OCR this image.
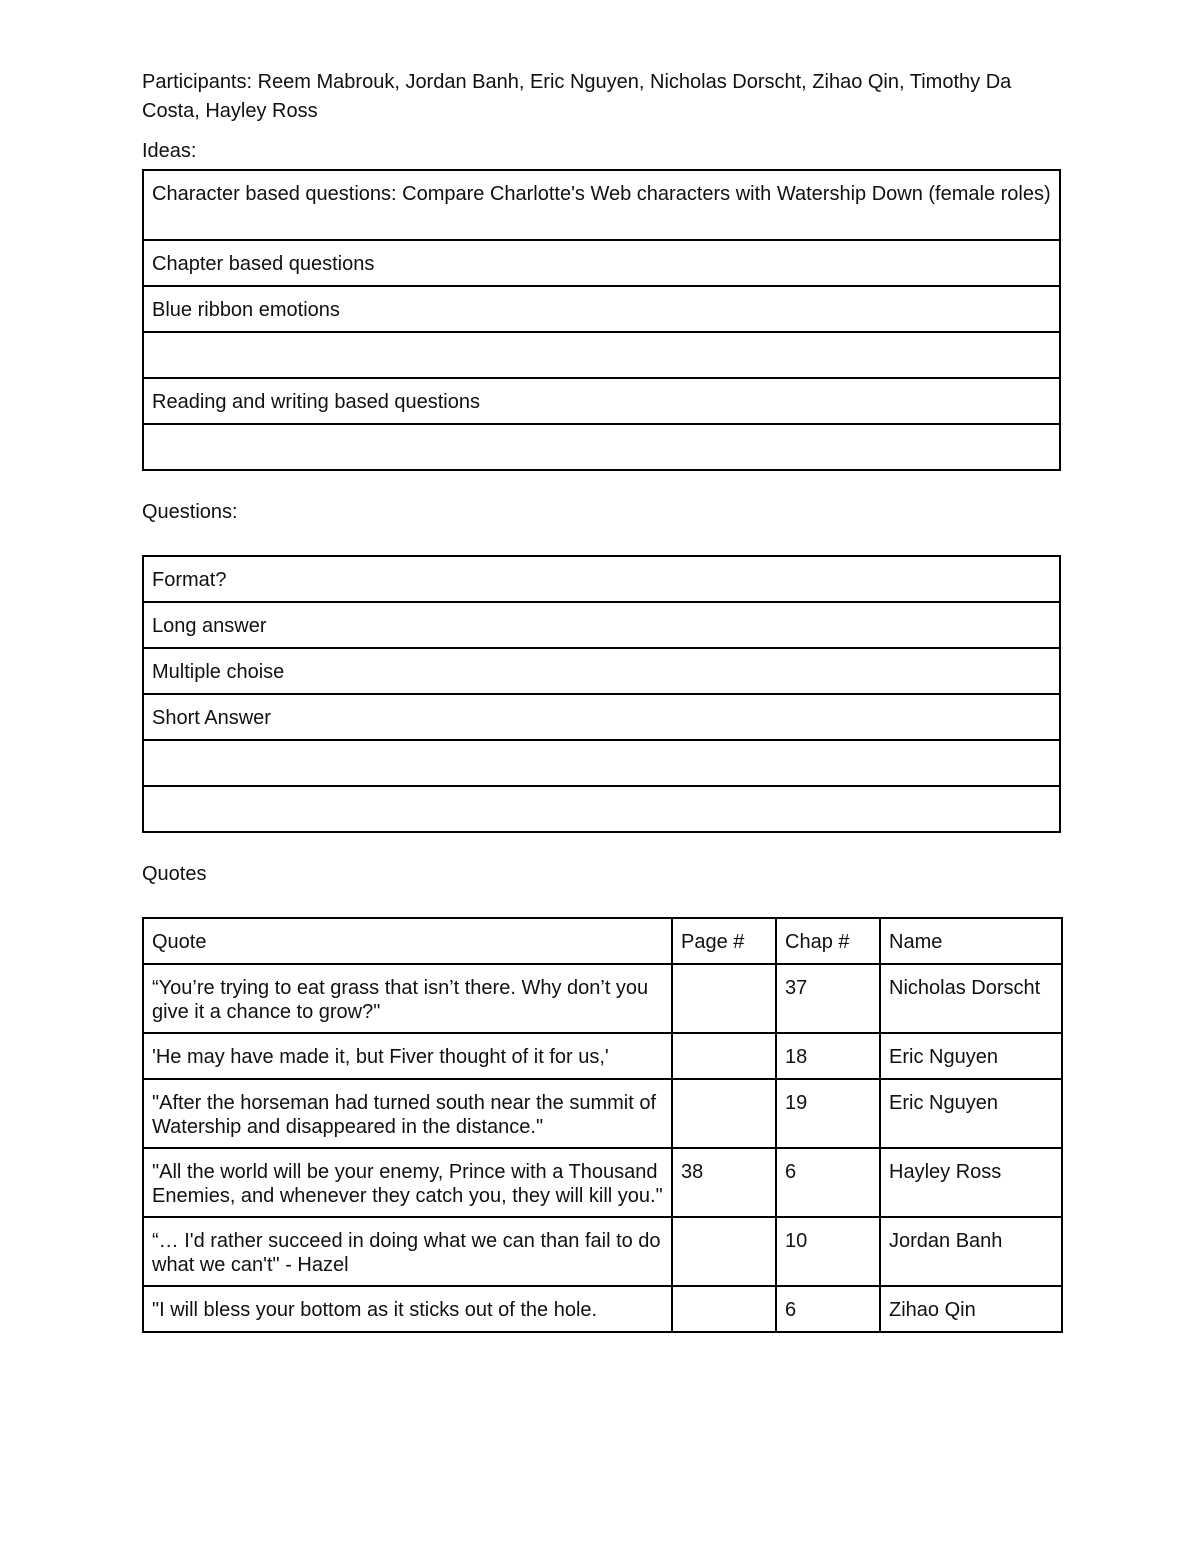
Participants: Reem Mabrouk, Jordan Banh, Eric Nguyen, Nicholas Dorscht, Zihao Qin, Timothy Da Costa, Hayley Ross

Ideas:

Character based questions: Compare Charlotte's Web characters with Watership Down (female roles)
Chapter based questions
Blue ribbon emotions

Reading and writing based questions

Questions:

Format?
Long answer
Multiple choise
Short Answer

Quotes

Quote	Page #	Chap #	Name
“You’re trying to eat grass that isn’t there. Why don’t you give it a chance to grow?"		37	Nicholas Dorscht
'He may have made it, but Fiver thought of it for us,'		18	Eric Nguyen
"After the horseman had turned south near the summit of Watership and disappeared in the distance."		19	Eric Nguyen
"All the world will be your enemy, Prince with a Thousand Enemies, and whenever they catch you, they will kill you."	38	6	Hayley Ross
“… I'd rather succeed in doing what we can than fail to do what we can't" - Hazel		10	Jordan Banh
"I will bless your bottom as it sticks out of the hole.		6	Zihao Qin
